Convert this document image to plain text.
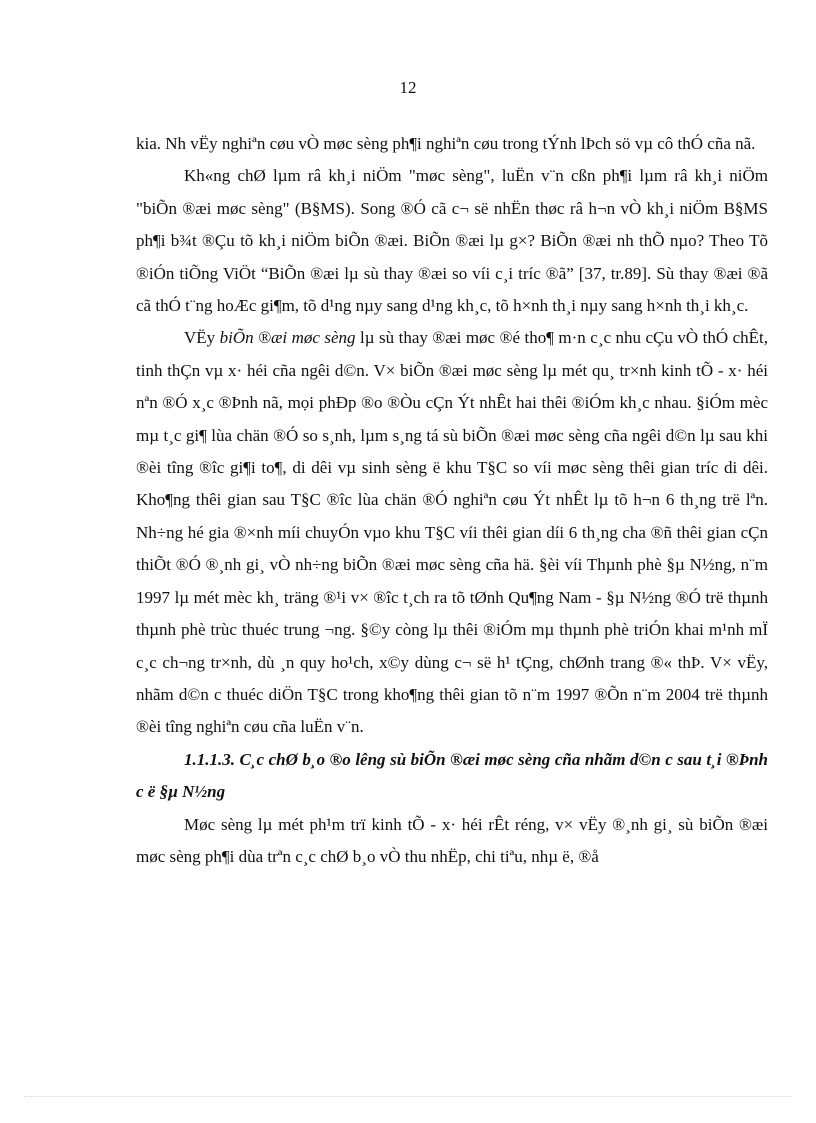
12

kia. Nh vËy nghiªn cøu vÒ møc sèng ph¶i nghiªn cøu trong tÝnh lÞch sö vµ cô thÓ cña nã.

Kh«ng chØ lµm râ kh¸i niÖm "møc sèng", luËn v¨n cßn ph¶i lµm râ kh¸i niÖm "biÕn ®æi møc sèng" (B§MS). Song ®Ó cã c¬ së nhËn thøc râ h¬n vÒ kh¸i niÖm B§MS ph¶i b¾t ®Çu tõ kh¸i niÖm biÕn ®æi. BiÕn ®æi lµ g×? BiÕn ®æi nh thÕ nµo? Theo Tõ ®iÓn tiÕng ViÖt “BiÕn ®æi lµ sù thay ®æi so víi c¸i tríc ®ã” [37, tr.89]. Sù thay ®æi ®ã cã thÓ t¨ng hoÆc gi¶m, tõ d¹ng nµy sang d¹ng kh¸c, tõ h×nh th¸i nµy sang h×nh th¸i kh¸c.

VËy biÕn ®æi møc sèng lµ sù thay ®æi møc ®é tho¶ m·n c¸c nhu cÇu vÒ thÓ chÊt, tinh thÇn vµ x· héi cña ngêi d©n. V× biÕn ®æi møc sèng lµ mét qu¸ tr×nh kinh tÕ - x· héi nªn ®Ó x¸c ®Þnh nã, mọi phÐp ®o ®Òu cÇn Ýt nhÊt hai thêi ®iÓm kh¸c nhau. §iÓm mèc mµ t¸c gi¶ lùa chän ®Ó so s¸nh, lµm s¸ng tá sù biÕn ®æi møc sèng cña ngêi d©n lµ sau khi ®èi tîng ®îc gi¶i to¶, di dêi vµ sinh sèng ë khu T§C so víi møc sèng thêi gian tríc di dêi. Kho¶ng thêi gian sau T§C ®îc lùa chän ®Ó nghiªn cøu Ýt nhÊt lµ tõ h¬n 6 th¸ng trë lªn. Nh÷ng hé gia ®×nh míi chuyÓn vµo khu T§C víi thêi gian díi 6 th¸ng cha ®ñ thêi gian cÇn thiÕt ®Ó ®¸nh gi¸ vÒ nh÷ng biÕn ®æi møc sèng cña hä. §èi víi Thµnh phè §µ N½ng, n¨m 1997 lµ mét mèc kh¸ träng ®¹i v× ®îc t¸ch ra tõ tØnh Qu¶ng Nam - §µ N½ng ®Ó trë thµnh thµnh phè trùc thuéc trung ¬ng. §©y còng lµ thêi ®iÓm mµ thµnh phè triÓn khai m¹nh mÏ c¸c ch¬ng tr×nh, dù ¸n quy ho¹ch, x©y dùng c¬ së h¹ tÇng, chØnh trang ®« thÞ. V× vËy, nhãm d©n c thuéc diÖn T§C trong kho¶ng thêi gian tõ n¨m 1997 ®Õn n¨m 2004 trë thµnh ®èi tîng nghiªn cøu cña luËn v¨n.

1.1.1.3. C¸c chØ b¸o ®o lêng sù biÕn ®æi møc sèng cña nhãm d©n c sau t¸i ®Þnh c ë §µ N½ng

Møc sèng lµ mét ph¹m trï kinh tÕ - x· héi rÊt réng, v× vËy ®¸nh gi¸ sù biÕn ®æi møc sèng ph¶i dùa trªn c¸c chØ b¸o vÒ thu nhËp, chi tiªu, nhµ ë, ®å
